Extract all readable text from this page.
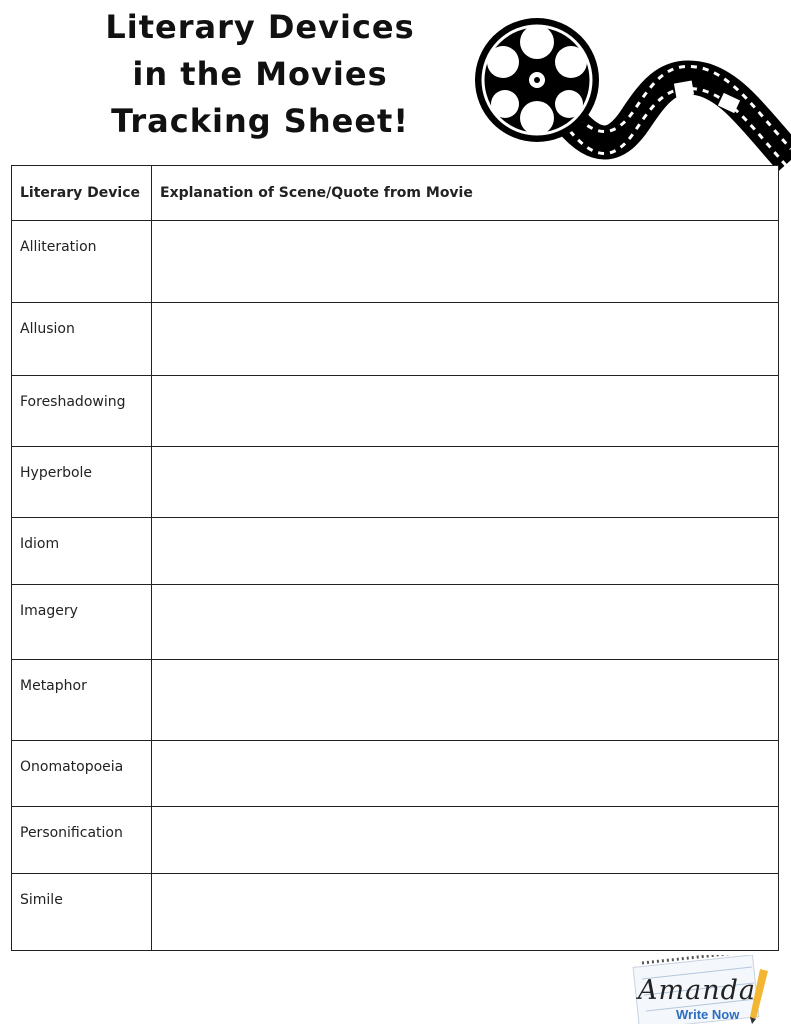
Literary Devices
in the Movies
Tracking Sheet!
Literary Device	Explanation of Scene/Quote from Movie
Alliteration	
Allusion	
Foreshadowing	
Hyperbole	
Idiom	
Imagery	
Metaphor	
Onomatopoeia	
Personification	
Simile	
Amanda
Write Now
